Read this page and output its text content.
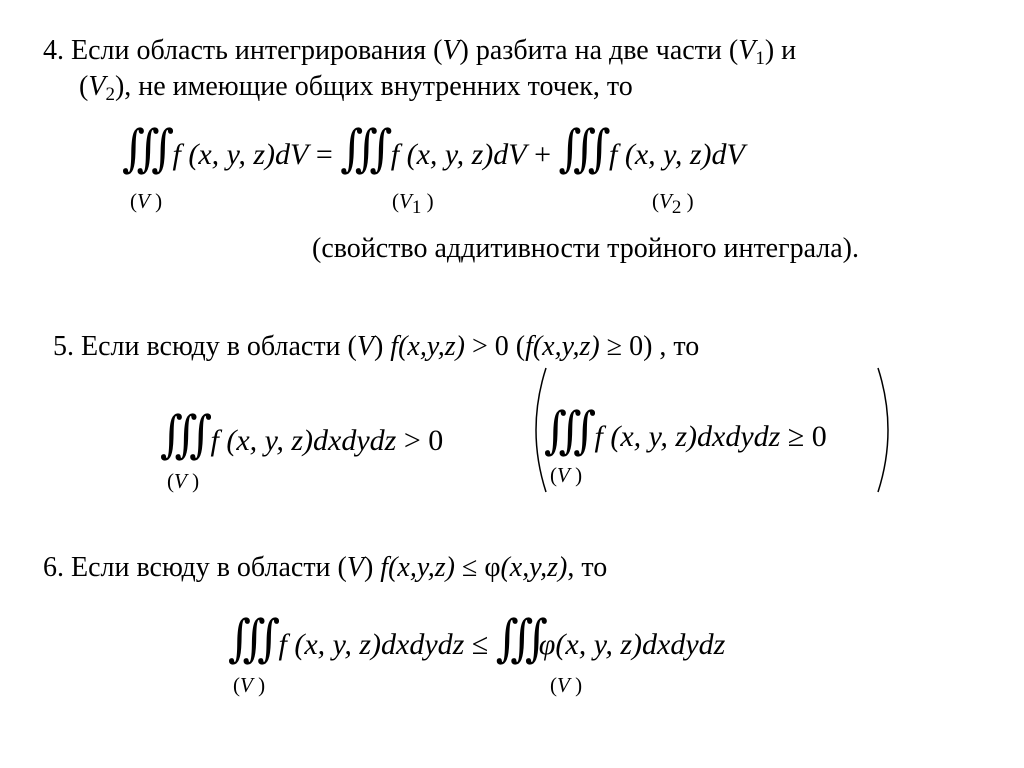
4. Если область интегрирования (V) разбита на две части $(V_1)$ и
$(V_2)$, не имеющие общих внутренних точек, то
∭ f (x, y, z)dV = ∭ f (x, y, z)dV + ∭ f (x, y, z)dV
(V )	($V_1$ )	($V_2$ )
(свойство аддитивности тройного интеграла).
5. Если всюду в области (V) f(x,y,z) > 0 (f(x,y,z) ≥ 0) , то
∭ f (x, y, z)dxdydz > 0
(V )
∭ f (x, y, z)dxdydz ≥ 0
(V )
6. Если всюду в области (V) f(x,y,z) ≤ φ(x,y,z), то
∭ f (x, y, z)dxdydz ≤ ∭φ(x, y, z)dxdydz
(V )	(V )
